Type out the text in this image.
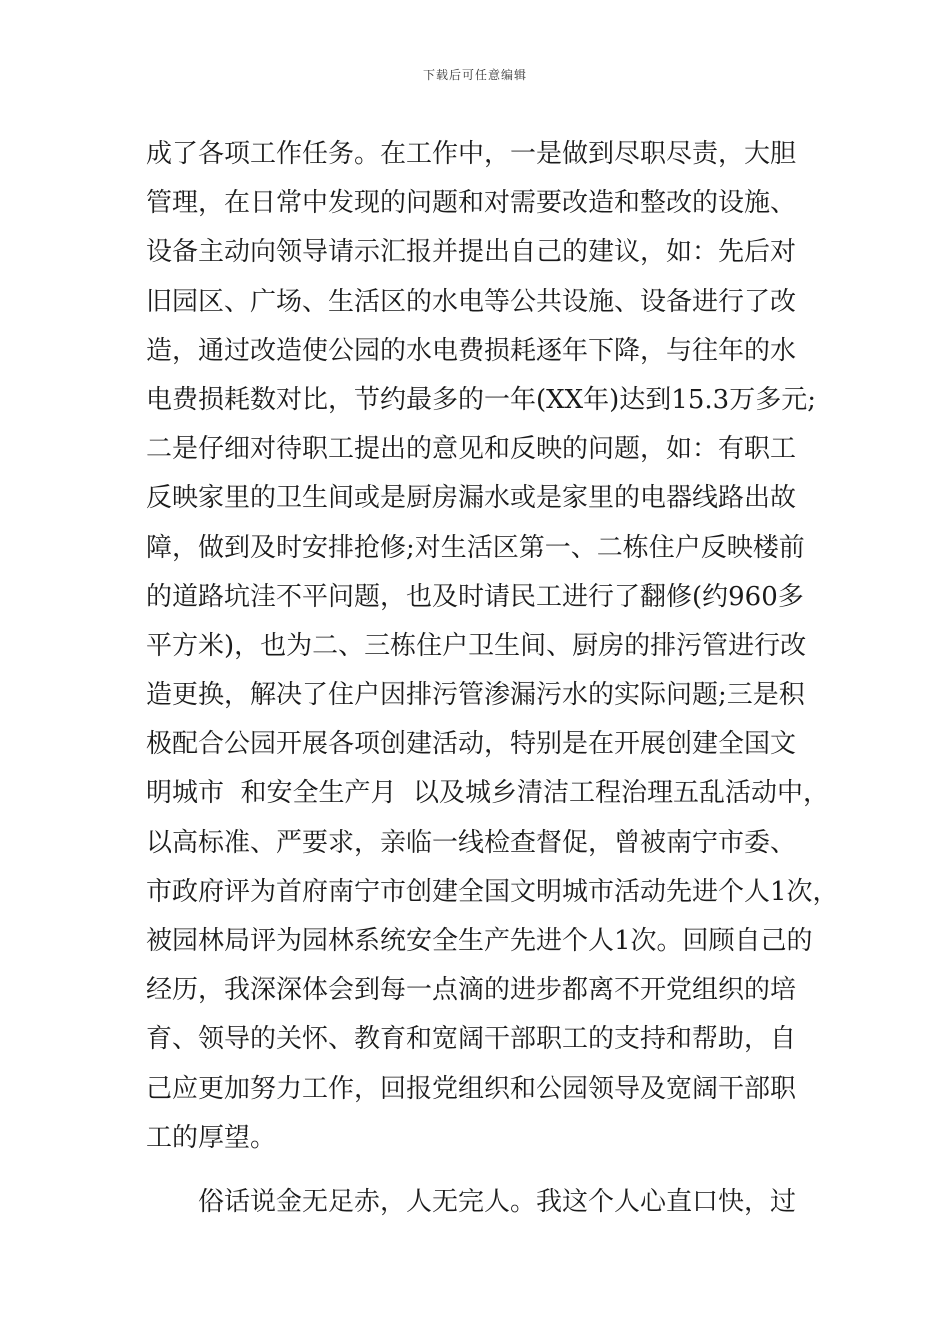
下载后可任意编辑
成了各项工作任务。在工作中，一是做到尽职尽责，大胆
管理，在日常中发现的问题和对需要改造和整改的设施、
设备主动向领导请示汇报并提出自己的建议，如：先后对
旧园区、广场、生活区的水电等公共设施、设备进行了改
造，通过改造使公园的水电费损耗逐年下降，与往年的水
电费损耗数对比，节约最多的一年(XX年)达到15.3万多元;
二是仔细对待职工提出的意见和反映的问题，如：有职工
反映家里的卫生间或是厨房漏水或是家里的电器线路出故
障，做到及时安排抢修;对生活区第一、二栋住户反映楼前
的道路坑洼不平问题，也及时请民工进行了翻修(约960多
平方米)，也为二、三栋住户卫生间、厨房的排污管进行改
造更换，解决了住户因排污管渗漏污水的实际问题;三是积
极配合公园开展各项创建活动，特别是在开展创建全国文
明城市  和安全生产月  以及城乡清洁工程治理五乱活动中，
以高标准、严要求，亲临一线检查督促，曾被南宁市委、
市政府评为首府南宁市创建全国文明城市活动先进个人1次，
被园林局评为园林系统安全生产先进个人1次。回顾自己的
经历，我深深体会到每一点滴的进步都离不开党组织的培
育、领导的关怀、教育和宽阔干部职工的支持和帮助，自
己应更加努力工作，回报党组织和公园领导及宽阔干部职
工的厚望。
俗话说金无足赤，人无完人。我这个人心直口快，过
